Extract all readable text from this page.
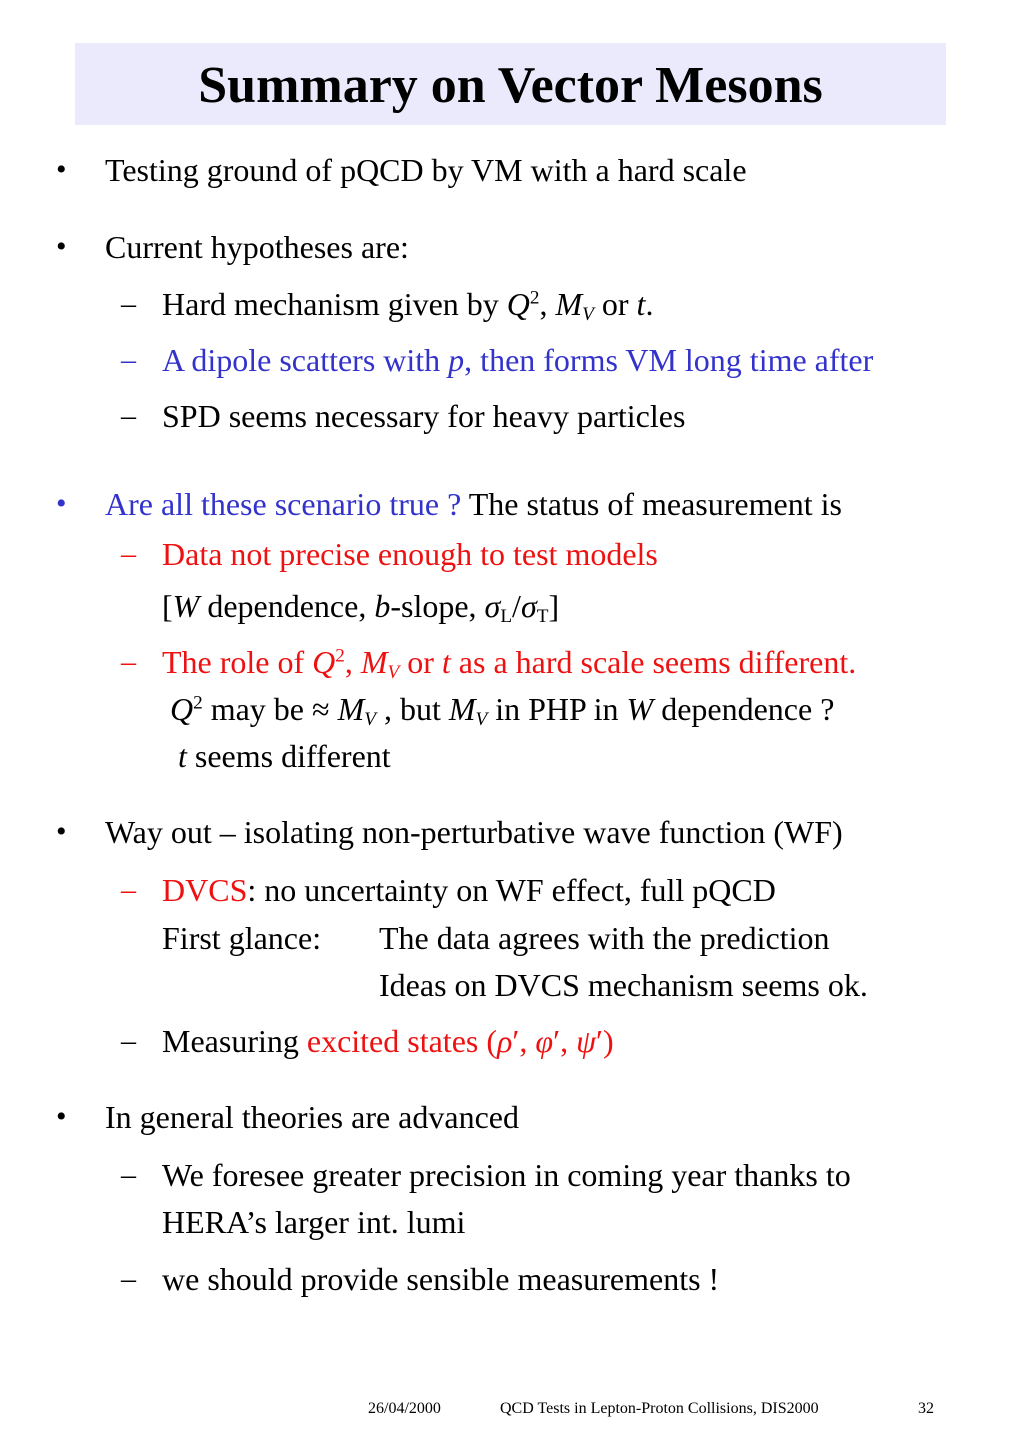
Summary on Vector Mesons
• Testing ground of pQCD by VM with a hard scale
• Current hypotheses are:
– Hard mechanism given by $Q^2$, $M_V$ or t.
– A dipole scatters with p, then forms VM long time after
– SPD seems necessary for heavy particles
• Are all these scenario true ? The status of measurement is
– Data not precise enough to test models
[W dependence, b-slope, $\sigma_L/\sigma_T$]
– The role of $Q^2$, $M_V$ or t as a hard scale seems different.
$Q^2$ may be ≈ $M_V$ , but $M_V$ in PHP in W dependence ?
t seems different
• Way out – isolating non-perturbative wave function (WF)
– DVCS: no uncertainty on WF effect, full pQCD
First glance: The data agrees with the prediction
Ideas on DVCS mechanism seems ok.
– Measuring excited states (ρ′, φ′, ψ′)
• In general theories are advanced
– We foresee greater precision in coming year thanks to
HERA’s larger int. lumi
– we should provide sensible measurements !
26/04/2000	QCD Tests in Lepton-Proton Collisions, DIS2000	32
